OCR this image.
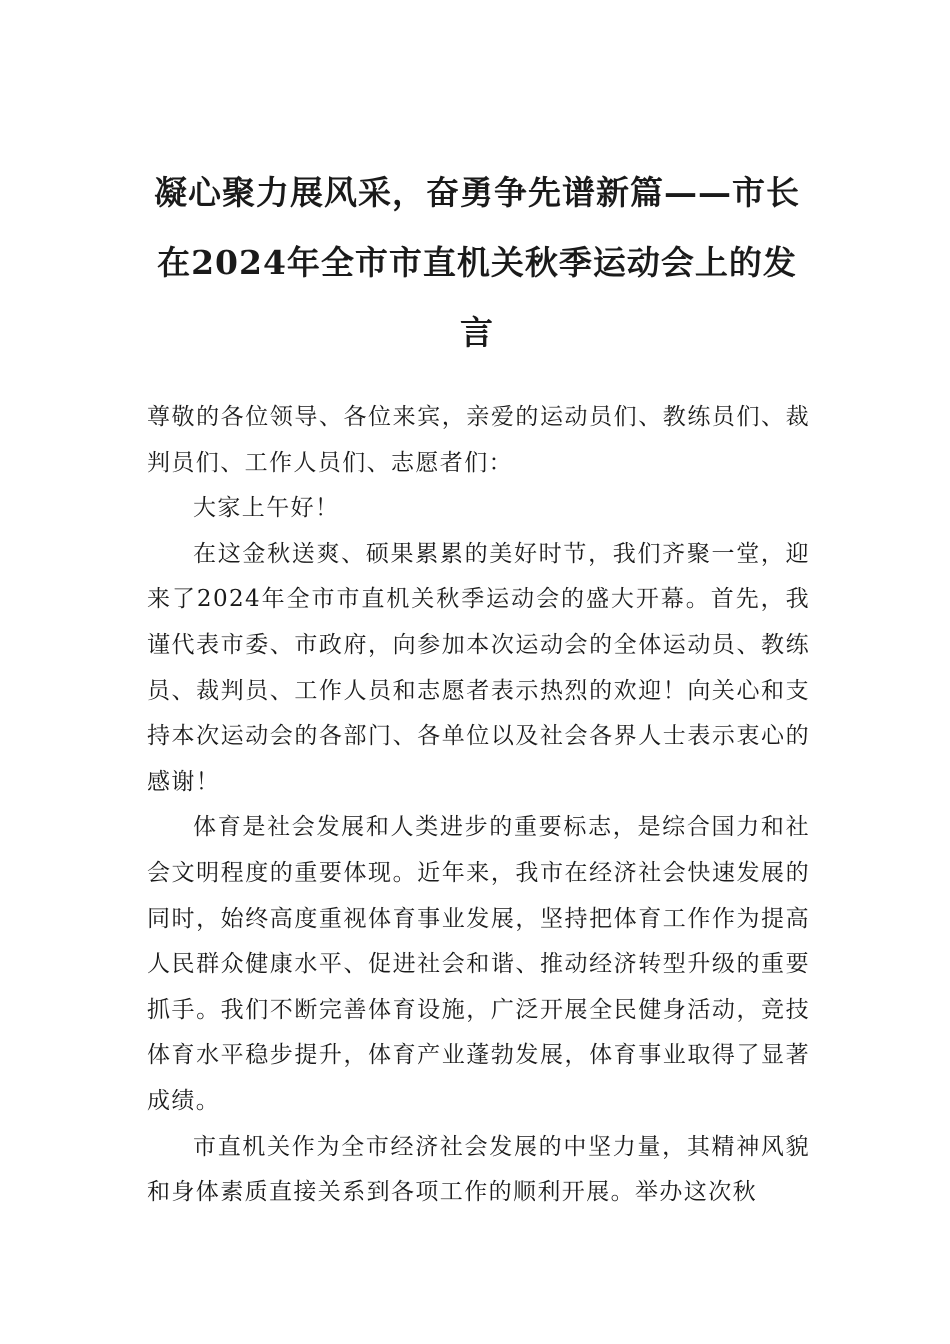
凝心聚力展风采，奋勇争先谱新篇——市长在2024年全市市直机关秋季运动会上的发言

尊敬的各位领导、各位来宾，亲爱的运动员们、教练员们、裁判员们、工作人员们、志愿者们：

大家上午好！

在这金秋送爽、硕果累累的美好时节，我们齐聚一堂，迎来了2024年全市市直机关秋季运动会的盛大开幕。首先，我谨代表市委、市政府，向参加本次运动会的全体运动员、教练员、裁判员、工作人员和志愿者表示热烈的欢迎！向关心和支持本次运动会的各部门、各单位以及社会各界人士表示衷心的感谢！

体育是社会发展和人类进步的重要标志，是综合国力和社会文明程度的重要体现。近年来，我市在经济社会快速发展的同时，始终高度重视体育事业发展，坚持把体育工作作为提高人民群众健康水平、促进社会和谐、推动经济转型升级的重要抓手。我们不断完善体育设施，广泛开展全民健身活动，竞技体育水平稳步提升，体育产业蓬勃发展，体育事业取得了显著成绩。

市直机关作为全市经济社会发展的中坚力量，其精神风貌和身体素质直接关系到各项工作的顺利开展。举办这次秋
